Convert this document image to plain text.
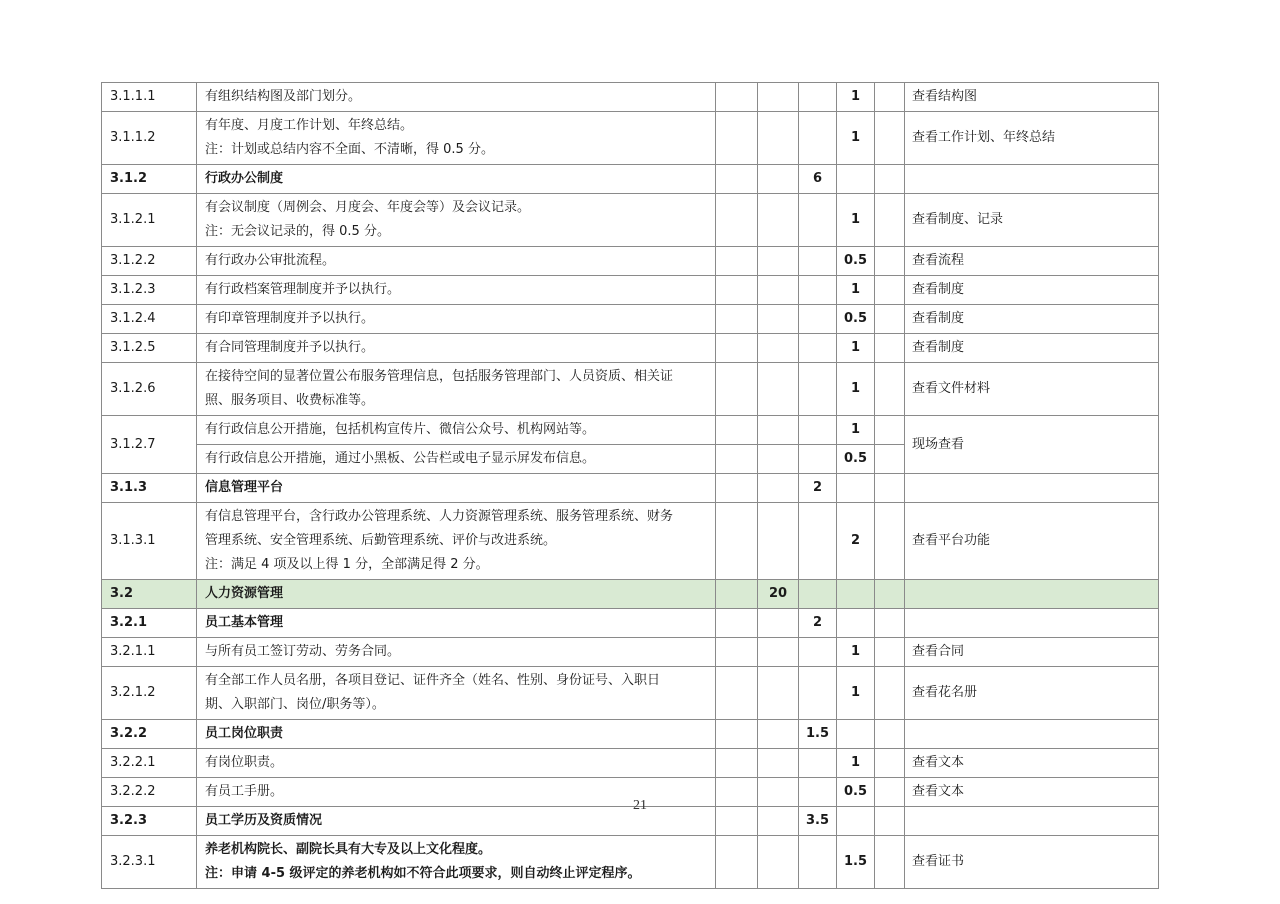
3.1.1.1	有组织结构图及部门划分。				1		查看结构图
3.1.1.2	有年度、月度工作计划、年终总结。
注：计划或总结内容不全面、不清晰，得 0.5 分。				1		查看工作计划、年终总结
3.1.2	行政办公制度			6			
3.1.2.1	有会议制度（周例会、月度会、年度会等）及会议记录。
注：无会议记录的，得 0.5 分。				1		查看制度、记录
3.1.2.2	有行政办公审批流程。				0.5		查看流程
3.1.2.3	有行政档案管理制度并予以执行。				1		查看制度
3.1.2.4	有印章管理制度并予以执行。				0.5		查看制度
3.1.2.5	有合同管理制度并予以执行。				1		查看制度
3.1.2.6	在接待空间的显著位置公布服务管理信息，包括服务管理部门、人员资质、相关证
照、服务项目、收费标准等。				1		查看文件材料
3.1.2.7	有行政信息公开措施，包括机构宣传片、微信公众号、机构网站等。				1		现场查看

	有行政信息公开措施，通过小黑板、公告栏或电子显示屏发布信息。				0.5		
3.1.3	信息管理平台			2			
3.1.3.1	有信息管理平台，含行政办公管理系统、人力资源管理系统、服务管理系统、财务
管理系统、安全管理系统、后勤管理系统、评价与改进系统。
注：满足 4 项及以上得 1 分，全部满足得 2 分。				2		查看平台功能
3.2	人力资源管理		20				
3.2.1	员工基本管理			2			
3.2.1.1	与所有员工签订劳动、劳务合同。				1		查看合同
3.2.1.2	有全部工作人员名册，各项目登记、证件齐全（姓名、性别、身份证号、入职日
期、入职部门、岗位/职务等）。				1		查看花名册
3.2.2	员工岗位职责			1.5			
3.2.2.1	有岗位职责。				1		查看文本
3.2.2.2	有员工手册。				0.5		查看文本
3.2.3	员工学历及资质情况			3.5			
3.2.3.1	养老机构院长、副院长具有大专及以上文化程度。
注：申请 4-5 级评定的养老机构如不符合此项要求，则自动终止评定程序。				1.5		查看证书
21
